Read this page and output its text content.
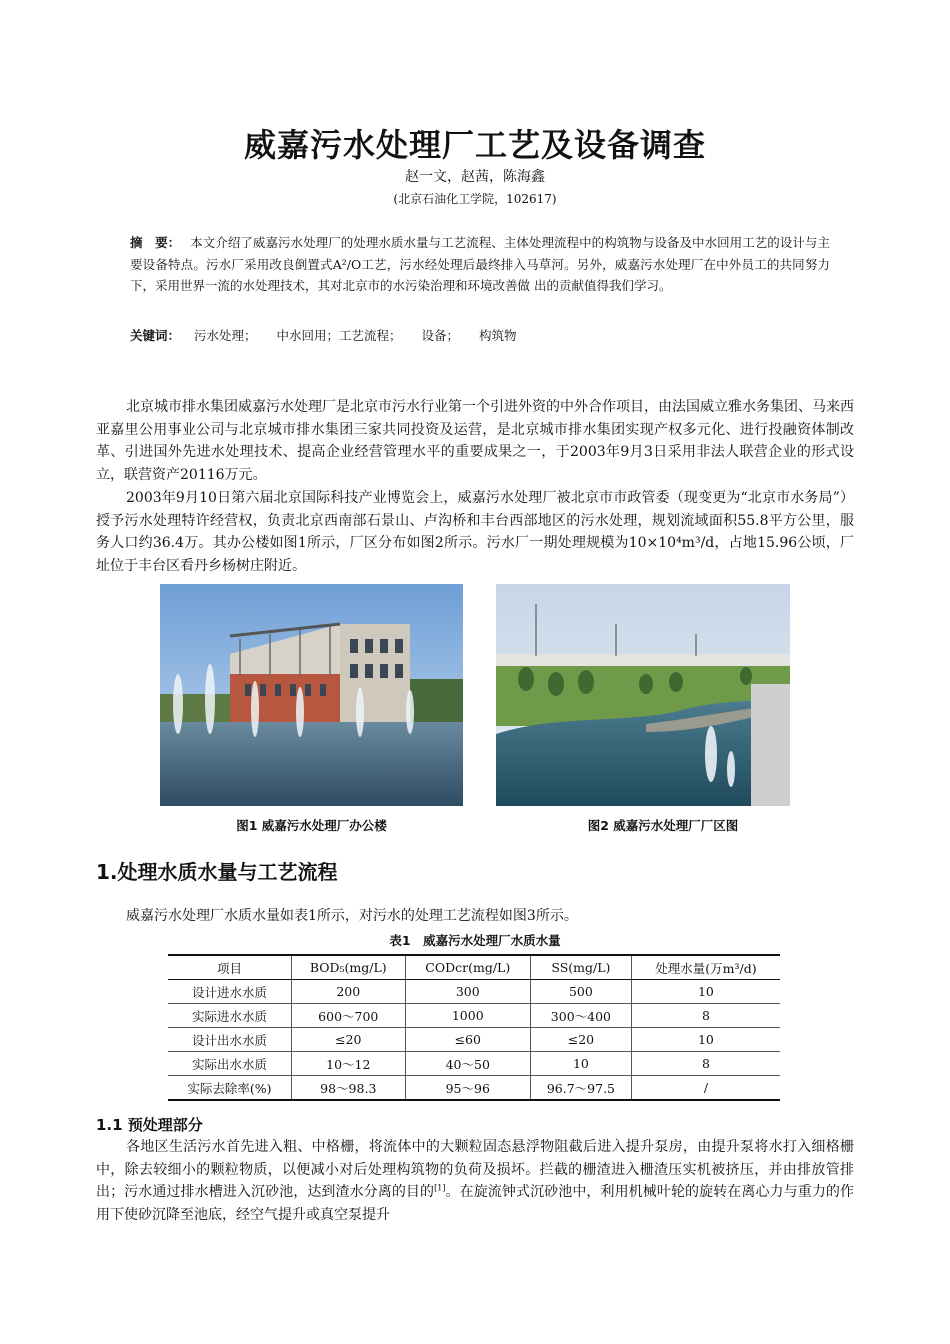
威嘉污水处理厂工艺及设备调查
赵一文，赵茜，陈海鑫
(北京石油化工学院，102617)
摘　要： 本文介绍了威嘉污水处理厂的处理水质水量与工艺流程、主体处理流程中的构筑物与设备及中水回用工艺的设计与主要设备特点。污水厂采用改良倒置式A²/O工艺，污水经处理后最终排入马草河。另外，威嘉污水处理厂在中外员工的共同努力下，采用世界一流的水处理技术，其对北京市的水污染治理和环境改善做 出的贡献值得我们学习。
关键词： 污水处理； 中水回用；工艺流程； 设备； 构筑物
北京城市排水集团威嘉污水处理厂是北京市污水行业第一个引进外资的中外合作项目，由法国威立雅水务集团、马来西亚嘉里公用事业公司与北京城市排水集团三家共同投资及运营，是北京城市排水集团实现产权多元化、进行投融资体制改革、引进国外先进水处理技术、提高企业经营管理水平的重要成果之一，于2003年9月3日采用非法人联营企业的形式设立，联营资产20116万元。
2003年9月10日第六届北京国际科技产业博览会上，威嘉污水处理厂被北京市市政管委（现变更为“北京市水务局”）授予污水处理特许经营权，负责北京西南部石景山、卢沟桥和丰台西部地区的污水处理，规划流域面积55.8平方公里，服务人口约36.4万。其办公楼如图1所示，厂区分布如图2所示。污水厂一期处理规模为10×10⁴m³/d，占地15.96公顷，厂址位于丰台区看丹乡杨树庄附近。
图1 威嘉污水处理厂办公楼	图2 威嘉污水处理厂厂区图
1.处理水质水量与工艺流程
威嘉污水处理厂水质水量如表1所示，对污水的处理工艺流程如图3所示。
表1　威嘉污水处理厂水质水量
项目	BOD₅(mg/L)	CODcr(mg/L)	SS(mg/L)	处理水量(万m³/d)
设计进水水质	200	300	500	10
实际进水水质	600～700	1000	300～400	8
设计出水水质	≤20	≤60	≤20	10
实际出水水质	10～12	40～50	10	8
实际去除率(%)	98～98.3	95～96	96.7～97.5	/
1.1 预处理部分
各地区生活污水首先进入粗、中格栅，将流体中的大颗粒固态悬浮物阻截后进入提升泵房，由提升泵将水打入细格栅中，除去较细小的颗粒物质，以便减小对后处理构筑物的负荷及损坏。拦截的栅渣进入栅渣压实机被挤压，并由排放管排出；污水通过排水槽进入沉砂池，达到渣水分离的目的[1]。在旋流钟式沉砂池中，利用机械叶轮的旋转在离心力与重力的作用下使砂沉降至池底，经空气提升或真空泵提升
